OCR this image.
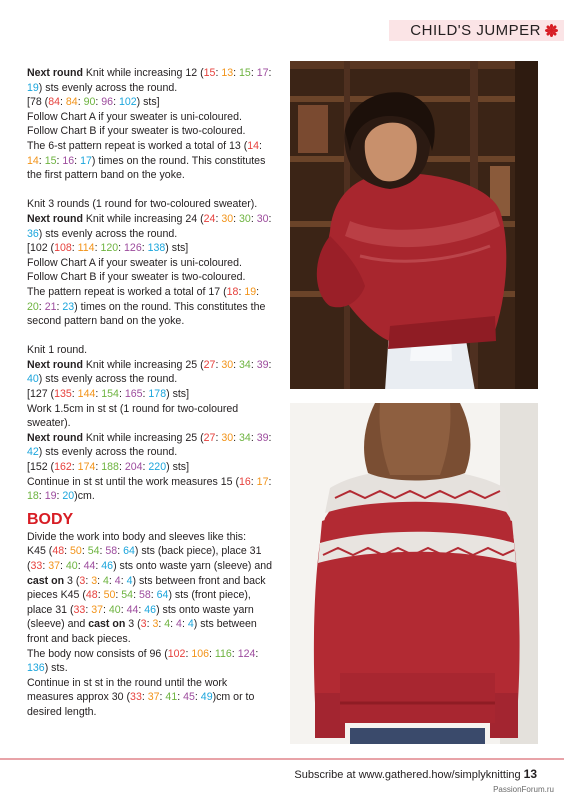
CHILD'S JUMPER

Next round Knit while increasing 12 (15: 13: 15: 17: 19) sts evenly across the round.

[78 (84: 84: 90: 96: 102) sts]

Follow Chart A if your sweater is uni-coloured.

Follow Chart B if your sweater is two-coloured.

The 6-st pattern repeat is worked a total of 13 (14: 14: 15: 16: 17) times on the round. This constitutes the first pattern band on the yoke.

Knit 3 rounds (1 round for two-coloured sweater).

Next round Knit while increasing 24 (24: 30: 30: 30: 36) sts evenly across the round.

[102 (108: 114: 120: 126: 138) sts]

Follow Chart A if your sweater is uni-coloured.

Follow Chart B if your sweater is two-coloured.

The pattern repeat is worked a total of 17 (18: 19: 20: 21: 23) times on the round. This constitutes the second pattern band on the yoke.

Knit 1 round.

Next round Knit while increasing 25 (27: 30: 34: 39: 40) sts evenly across the round.

[127 (135: 144: 154: 165: 178) sts]

Work 1.5cm in st st (1 round for two-coloured sweater).

Next round Knit while increasing 25 (27: 30: 34: 39: 42) sts evenly across the round.

[152 (162: 174: 188: 204: 220) sts]

Continue in st st until the work measures 15 (16: 17: 18: 19: 20)cm.

BODY

Divide the work into body and sleeves like this:

K45 (48: 50: 54: 58: 64) sts (back piece), place 31 (33: 37: 40: 44: 46) sts onto waste yarn (sleeve) and cast on 3 (3: 3: 4: 4: 4) sts between front and back pieces K45 (48: 50: 54: 58: 64) sts (front piece), place 31 (33: 37: 40: 44: 46) sts onto waste yarn (sleeve) and cast on 3 (3: 3: 4: 4: 4) sts between front and back pieces.

The body now consists of 96 (102: 106: 116: 124: 136) sts.

Continue in st st in the round until the work measures approx 30 (33: 37: 41: 45: 49)cm or to desired length.

Subscribe at www.gathered.how/simplyknitting 13
PassionForum.ru
